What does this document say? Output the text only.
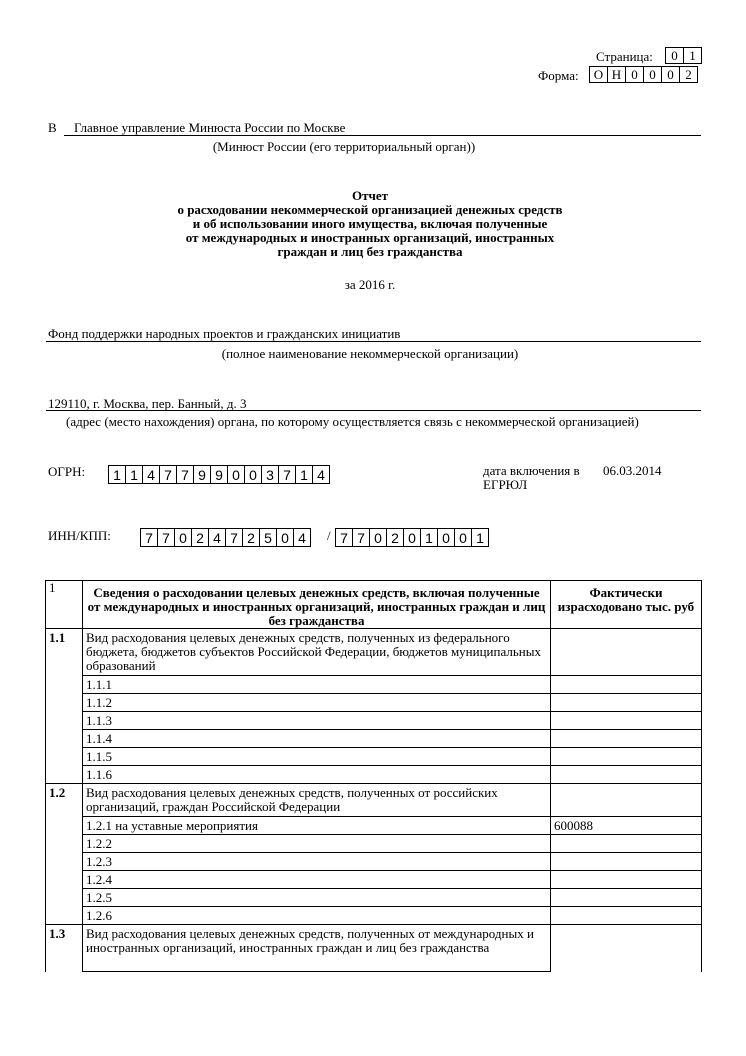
Страница:	0 1
Форма: О Н 0 0 0 2
В Главное управление Минюста России по Москве
(Минюст России (его территориальный орган))
Отчет
о расходовании некоммерческой организацией денежных средств
и об использовании иного имущества, включая полученные
от международных и иностранных организаций, иностранных
граждан и лиц без гражданства
за 2016 г.
Фонд поддержки народных проектов и гражданских инициатив
(полное наименование некоммерческой организации)
129110, г. Москва, пер. Банный, д. 3
(адрес (место нахождения) органа, по которому осуществляется связь с некоммерческой организацией)
ОГРН: 1 1 4 7 7 9 9 0 0 3 7 1 4	дата включения в
ЕГРЮЛ
06.03.2014
ИНН/КПП: 7 7 0 2 4 7 2 5 0 4	/ 7 7 0 2 0 1 0 0 1
1	Сведения о расходовании целевых денежных средств, включая полученные от международных и иностранных организаций, иностранных граждан и лиц без гражданства	Фактически израсходовано тыс. руб
1.1	Вид расходования целевых денежных средств, полученных из федерального бюджета, бюджетов субъектов Российской Федерации, бюджетов муниципальных образований	
	1.1.1	
	1.1.2	
	1.1.3	
	1.1.4	
	1.1.5	
	1.1.6	
1.2	Вид расходования целевых денежных средств, полученных от российских организаций, граждан Российской Федерации	
	1.2.1 на уставные мероприятия	600088
	1.2.2	
	1.2.3	
	1.2.4	
	1.2.5	
	1.2.6	
1.3	Вид расходования целевых денежных средств, полученных от международных и иностранных организаций, иностранных граждан и лиц без гражданства	
